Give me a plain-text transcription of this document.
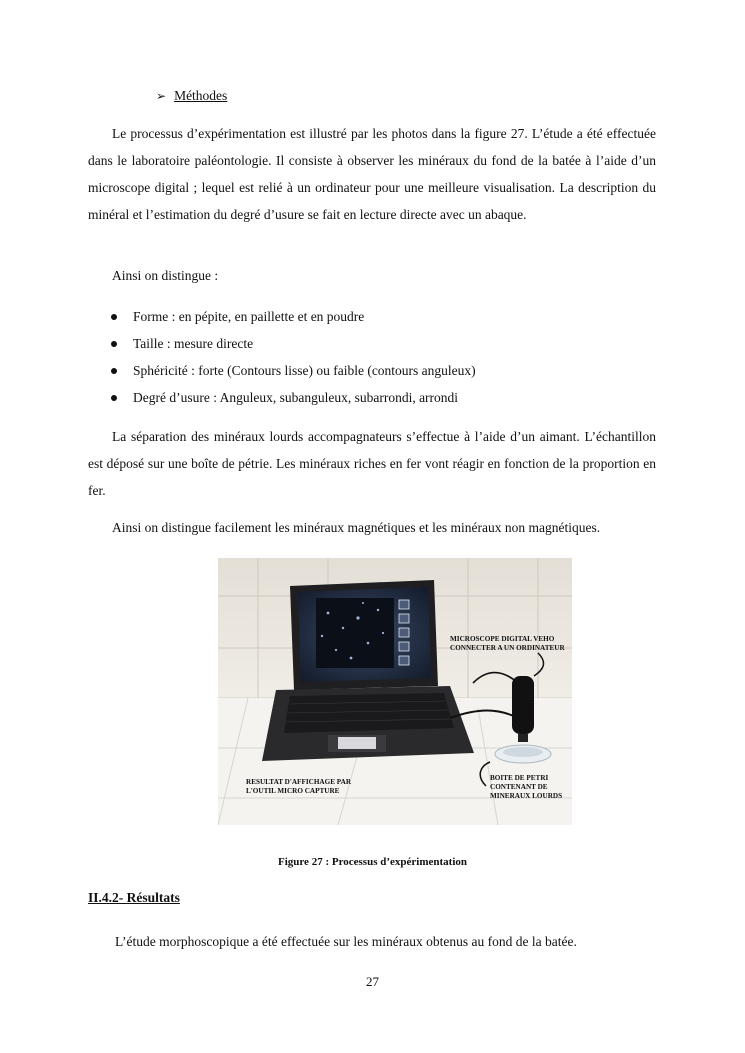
➢ Méthodes

Le processus d’expérimentation est illustré par les photos dans la figure 27. L’étude a été effectuée dans le laboratoire paléontologie. Il consiste à observer les minéraux du fond de la batée à l’aide d’un microscope digital ; lequel est relié à un ordinateur pour une meilleure visualisation. La description du minéral et l’estimation du degré d’usure se fait en lecture directe avec un abaque.

Ainsi on distingue :

Forme : en pépite, en paillette et en poudre
Taille : mesure directe
Sphéricité : forte (Contours lisse) ou faible (contours anguleux)
Degré d’usure : Anguleux, subanguleux, subarrondi, arrondi

La séparation des minéraux lourds accompagnateurs s’effectue à l’aide d’un aimant. L’échantillon est déposé sur une boîte de pétrie. Les minéraux riches en fer vont réagir en fonction de la proportion en fer.

Ainsi on distingue facilement les minéraux magnétiques et les minéraux non magnétiques.

MICROSCOPE DIGITAL VEHO
CONNECTER A UN ORDINATEUR
RESULTAT D'AFFICHAGE PAR
L'OUTIL MICRO CAPTURE
BOITE DE PETRI
CONTENANT DE
MINERAUX LOURDS
Figure 27 : Processus d’expérimentation
II.4.2- Résultats

L’étude morphoscopique a été effectuée sur les minéraux obtenus au fond de la batée.

27
